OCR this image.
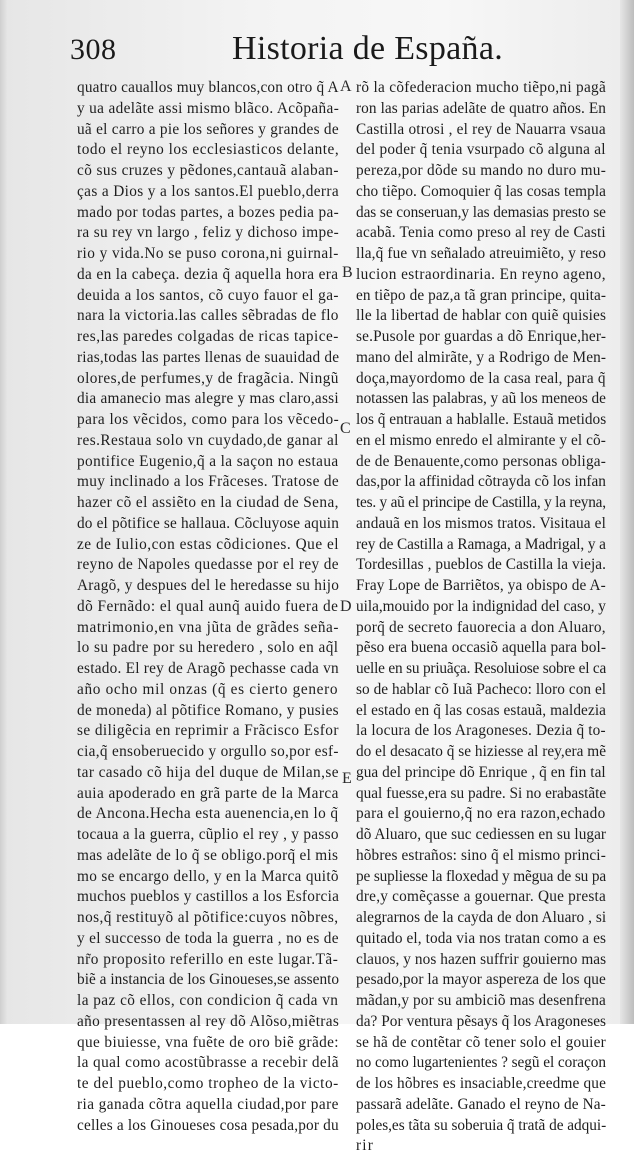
308	Historia de España.
quatro cauallos muy blancos,con otro q̃ A
y ua adelãte assi mismo blãco. Acõpaña-
uã el carro a pie los señores y grandes de
todo el reyno los ecclesiasticos delante,
cõ sus cruzes y pẽdones,cantauã alaban-
ças a Dios y a los santos.El pueblo,derra
mado por todas partes, a bozes pedia pa-
ra su rey vn largo , feliz y dichoso impe-
rio y vida.No se puso corona,ni guirnal-
da en la cabeça. dezia q̃ aquella hora era
deuida a los santos, cõ cuyo fauor el ga-
nara la victoria.las calles sẽbradas de flo
res,las paredes colgadas de ricas tapice-
rias,todas las partes llenas de suauidad de
olores,de perfumes,y de fragãcia. Ningũ
dia amanecio mas alegre y mas claro,assi
para los vẽcidos, como para los vẽcedo-
res.Restaua solo vn cuydado,de ganar al
pontifice Eugenio,q̃ a la saçon no estaua
muy inclinado a los Frãceses. Tratose de
hazer cõ el assiẽto en la ciudad de Sena,
do el põtifice se hallaua. Cõcluyose aquin
ze de Iulio,con estas cõdiciones. Que el
reyno de Napoles quedasse por el rey de
Aragõ, y despues del le heredasse su hijo
dõ Fernãdo: el qual aunq̃ auido fuera de
matrimonio,en vna jũta de grãdes seña-
lo su padre por su heredero , solo en aq̃l
estado. El rey de Aragõ pechasse cada vn
año ocho mil onzas (q̃ es cierto genero
de moneda) al põtifice Romano, y pusies
se diligẽcia en reprimir a Frãcisco Esfor
cia,q̃ ensoberuecido y orgullo so,por esf-
tar casado cõ hija del duque de Milan,se
auia apoderado en grã parte de la Marca
de Ancona.Hecha esta auenencia,en lo q̃
tocaua a la guerra, cũplio el rey , y passo
mas adelãte de lo q̃ se obligo.porq̃ el mis
mo se encargo dello, y en la Marca quitõ
muchos pueblos y castillos a los Esforcia
nos,q̃ restituyõ al põtifice:cuyos nõbres,
y el successo de toda la guerra , no es de
nr̃o proposito referillo en este lugar.Tã-
biẽ a instancia de los Ginoueses,se assento
la paz cõ ellos, con condicion q̃ cada vn
año presentassen al rey dõ Alõso,miẽtras
que biuiesse, vna fuẽte de oro biẽ grãde:
la qual como acostũbrasse a recebir delã
te del pueblo,como tropheo de la victo-
ria ganada cõtra aquella ciudad,por pare
celles a los Ginoueses cosa pesada,por du
rõ la cõfederacion mucho tiẽpo,ni pagã
ron las parias adelãte de quatro años. En
Castilla otrosi , el rey de Nauarra vsaua
del poder q̃ tenia vsurpado cõ alguna al
pereza,por dõde su mando no duro mu-
cho tiẽpo. Comoquier q̃ las cosas templa
das se conseruan,y las demasias presto se
acabã. Tenia como preso al rey de Casti
lla,q̃ fue vn señalado atreuimiẽto, y reso
lucion estraordinaria. En reyno ageno,
en tiẽpo de paz,a tã gran principe, quita-
lle la libertad de hablar con quiẽ quisies
se.Pusole por guardas a dõ Enrique,her-
mano del almirãte, y a Rodrigo de Men-
doça,mayordomo de la casa real, para q̃
notassen las palabras, y aũ los meneos de
los q̃ entrauan a hablalle. Estauã metidos
en el mismo enredo el almirante y el cõ-
de de Benauente,como personas obliga-
das,por la affinidad cõtrayda cõ los infan
tes. y aũ el principe de Castilla, y la reyna,
andauã en los mismos tratos. Visitaua el
rey de Castilla a Ramaga, a Madrigal, y a
Tordesillas , pueblos de Castilla la vieja.
Fray Lope de Barriẽtos, ya obispo de A-
uila,mouido por la indignidad del caso, y
porq̃ de secreto fauorecia a don Aluaro,
pẽso era buena occasiõ aquella para bol-
uelle en su priuãça. Resoluiose sobre el ca
so de hablar cõ Iuã Pacheco: lloro con el
el estado en q̃ las cosas estauã, maldezia
la locura de los Aragoneses. Dezia q̃ to-
do el desacato q̃ se hiziesse al rey,era mẽ
gua del principe dõ Enrique , q̃ en fin tal
qual fuesse,era su padre. Si no erabastãte
para el gouierno,q̃ no era razon,echado
dõ Aluaro, que suc cediessen en su lugar
hõbres estraños: sino q̃ el mismo princi-
pe supliesse la floxedad y mẽgua de su pa
dre,y comẽçasse a gouernar. Que presta
alegrarnos de la cayda de don Aluaro , si
quitado el, toda via nos tratan como a es
clauos, y nos hazen suffrir gouierno mas
pesado,por la mayor aspereza de los que
mãdan,y por su ambiciõ mas desenfrena
da? Por ventura pẽsays q̃ los Aragoneses
se hã de contẽtar cõ tener solo el gouier
no como lugartenientes ? segũ el coraçon
de los hõbres es insaciable,creedme que
passarã adelãte. Ganado el reyno de Na-
poles,es tãta su soberuia q̃ tratã de adqui-
rir
A
B
C
D
E
